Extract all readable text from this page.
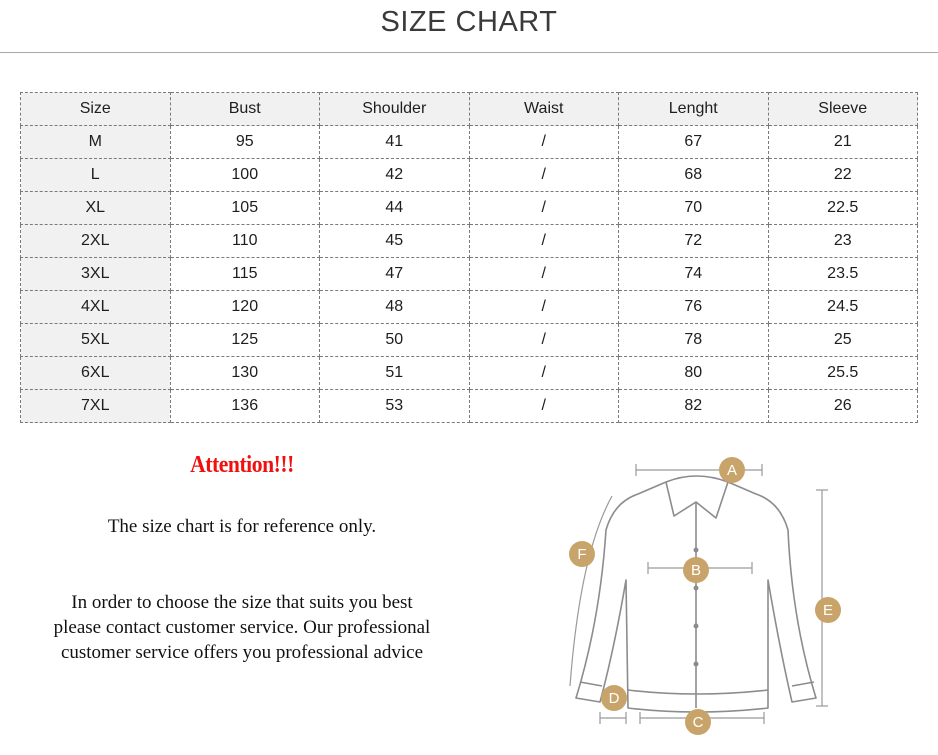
SIZE CHART
Size	Bust	Shoulder	Waist	Lenght	Sleeve
M	95	41	/	67	21
L	100	42	/	68	22
XL	105	44	/	70	22.5
2XL	110	45	/	72	23
3XL	115	47	/	74	23.5
4XL	120	48	/	76	24.5
5XL	125	50	/	78	25
6XL	130	51	/	80	25.5
7XL	136	53	/	82	26
Attention!!!
The size chart is for reference only.
In order to choose the size that suits you best
please contact customer service. Our professional
customer service offers you professional advice
A
B
C
D
E
F
